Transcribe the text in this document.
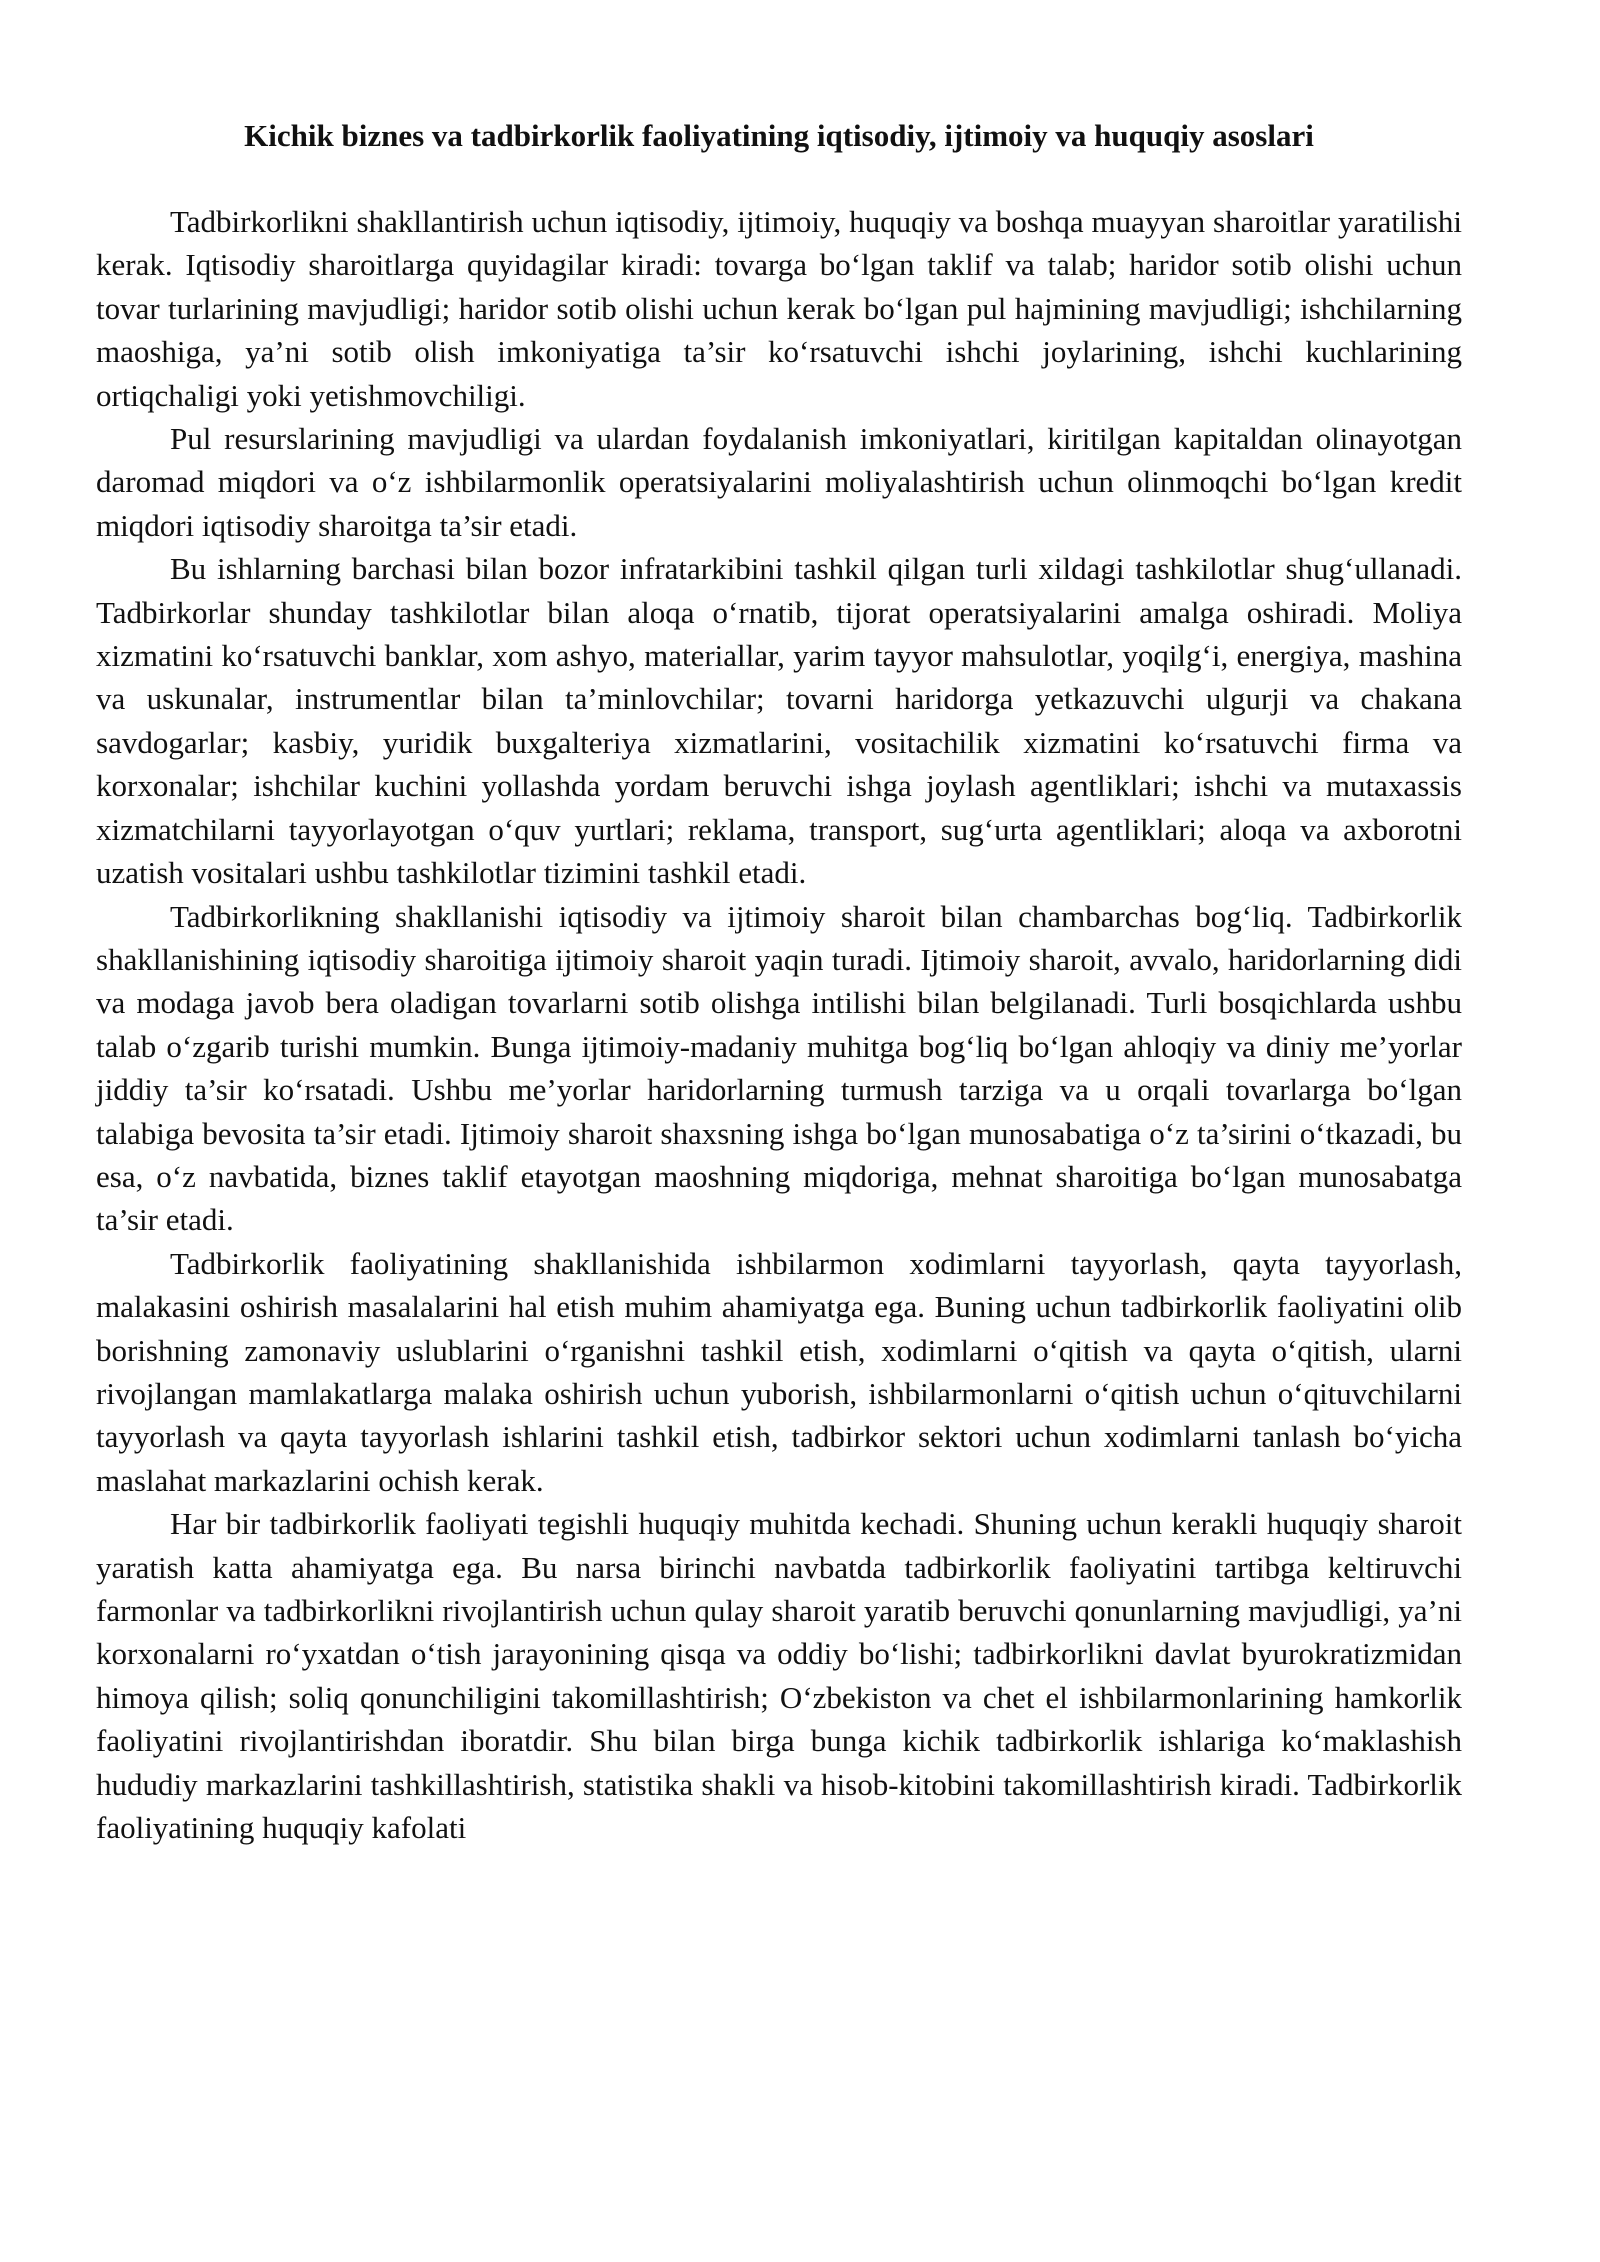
Kichik biznes va tadbirkorlik faoliyatining iqtisodiy, ijtimoiy va huquqiy asoslari

Tadbirkorlikni shakllantirish uchun iqtisodiy, ijtimoiy, huquqiy va boshqa muayyan sharoitlar yaratilishi kerak. Iqtisodiy sharoitlarga quyidagilar kiradi: tovarga bo‘lgan taklif va talab; haridor sotib olishi uchun tovar turlarining mavjudligi; haridor sotib olishi uchun kerak bo‘lgan pul hajmining mavjudligi; ishchilarning maoshiga, ya’ni sotib olish imkoniyatiga ta’sir ko‘rsatuvchi ishchi joylarining, ishchi kuchlarining ortiqchaligi yoki yetishmovchiligi.

Pul resurslarining mavjudligi va ulardan foydalanish imkoniyatlari, kiritilgan kapitaldan olinayotgan daromad miqdori va o‘z ishbilarmonlik operatsiyalarini moliyalashtirish uchun olinmoqchi bo‘lgan kredit miqdori iqtisodiy sharoitga ta’sir etadi.

Bu ishlarning barchasi bilan bozor infratarkibini tashkil qilgan turli xildagi tashkilotlar shug‘ullanadi. Tadbirkorlar shunday tashkilotlar bilan aloqa o‘rnatib, tijorat operatsiyalarini amalga oshiradi. Moliya xizmatini ko‘rsatuvchi banklar, xom ashyo, materiallar, yarim tayyor mahsulotlar, yoqilg‘i, energiya, mashina va uskunalar, instrumentlar bilan ta’minlovchilar; tovarni haridorga yetkazuvchi ulgurji va chakana savdogarlar; kasbiy, yuridik buxgalteriya xizmatlarini, vositachilik xizmatini ko‘rsatuvchi firma va korxonalar; ishchilar kuchini yollashda yordam beruvchi ishga joylash agentliklari; ishchi va mutaxassis xizmatchilarni tayyorlayotgan o‘quv yurtlari; reklama, transport, sug‘urta agentliklari; aloqa va axborotni uzatish vositalari ushbu tashkilotlar tizimini tashkil etadi.

Tadbirkorlikning shakllanishi iqtisodiy va ijtimoiy sharoit bilan chambarchas bog‘liq. Tadbirkorlik shakllanishining iqtisodiy sharoitiga ijtimoiy sharoit yaqin turadi. Ijtimoiy sharoit, avvalo, haridorlarning didi va modaga javob bera oladigan tovarlarni sotib olishga intilishi bilan belgilanadi. Turli bosqichlarda ushbu talab o‘zgarib turishi mumkin. Bunga ijtimoiy-madaniy muhitga bog‘liq bo‘lgan ahloqiy va diniy me’yorlar jiddiy ta’sir ko‘rsatadi. Ushbu me’yorlar haridorlarning turmush tarziga va u orqali tovarlarga bo‘lgan talabiga bevosita ta’sir etadi. Ijtimoiy sharoit shaxsning ishga bo‘lgan munosabatiga o‘z ta’sirini o‘tkazadi, bu esa, o‘z navbatida, biznes taklif etayotgan maoshning miqdoriga, mehnat sharoitiga bo‘lgan munosabatga ta’sir etadi.

Tadbirkorlik faoliyatining shakllanishida ishbilarmon xodimlarni tayyorlash, qayta tayyorlash, malakasini oshirish masalalarini hal etish muhim ahamiyatga ega. Buning uchun tadbirkorlik faoliyatini olib borishning zamonaviy uslublarini o‘rganishni tashkil etish, xodimlarni o‘qitish va qayta o‘qitish, ularni rivojlangan mamlakatlarga malaka oshirish uchun yuborish, ishbilarmonlarni o‘qitish uchun o‘qituvchilarni tayyorlash va qayta tayyorlash ishlarini tashkil etish, tadbirkor sektori uchun xodimlarni tanlash bo‘yicha maslahat markazlarini ochish kerak.

Har bir tadbirkorlik faoliyati tegishli huquqiy muhitda kechadi. Shuning uchun kerakli huquqiy sharoit yaratish katta ahamiyatga ega. Bu narsa birinchi navbatda tadbirkorlik faoliyatini tartibga keltiruvchi farmonlar va tadbirkorlikni rivojlantirish uchun qulay sharoit yaratib beruvchi qonunlarning mavjudligi, ya’ni korxonalarni ro‘yxatdan o‘tish jarayonining qisqa va oddiy bo‘lishi; tadbirkorlikni davlat byurokratizmidan himoya qilish; soliq qonunchiligini takomillashtirish; O‘zbekiston va chet el ishbilarmonlarining hamkorlik faoliyatini rivojlantirishdan iboratdir. Shu bilan birga bunga kichik tadbirkorlik ishlariga ko‘maklashish hududiy markazlarini tashkillashtirish, statistika shakli va hisob-kitobini takomillashtirish kiradi. Tadbirkorlik faoliyatining huquqiy kafolati
